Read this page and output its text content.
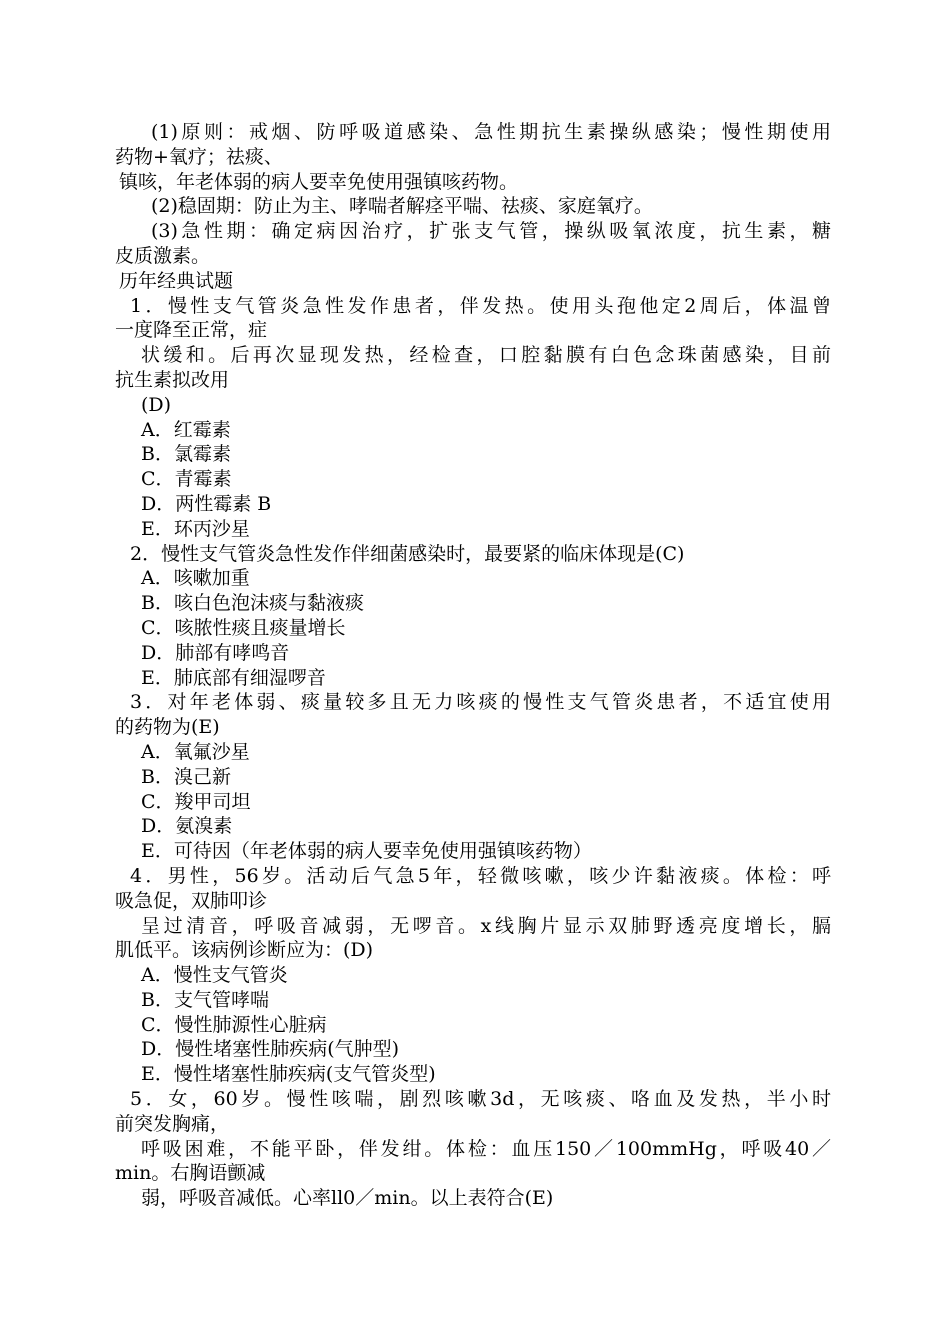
(1)原则：戒烟、防呼吸道感染、急性期抗生素操纵感染；慢性期使用
药物+氧疗；祛痰、
镇咳，年老体弱的病人要幸免使用强镇咳药物。
(2)稳固期：防止为主、哮喘者解痉平喘、祛痰、家庭氧疗。
(3)急性期：确定病因治疗，扩张支气管，操纵吸氧浓度，抗生素，糖
皮质激素。
历年经典试题
1．慢性支气管炎急性发作患者，伴发热。使用头孢他定2周后，体温曾
一度降至正常，症
状缓和。后再次显现发热，经检查，口腔黏膜有白色念珠菌感染，目前
抗生素拟改用
(D)
A．红霉素
B．氯霉素
C．青霉素
D．两性霉素 B
E．环丙沙星
2．慢性支气管炎急性发作伴细菌感染时，最要紧的临床体现是(C)
A．咳嗽加重
B．咳白色泡沫痰与黏液痰
C．咳脓性痰且痰量增长
D．肺部有哮鸣音
E．肺底部有细湿啰音
3．对年老体弱、痰量较多且无力咳痰的慢性支气管炎患者，不适宜使用
的药物为(E)
A．氧氟沙星
B．溴己新
C．羧甲司坦
D．氨溴素
E．可待因（年老体弱的病人要幸免使用强镇咳药物）
4．男性，56岁。活动后气急5年，轻微咳嗽，咳少许黏液痰。体检：呼
吸急促，双肺叩诊
呈过清音，呼吸音减弱，无啰音。x线胸片显示双肺野透亮度增长，膈
肌低平。该病例诊断应为：(D)
A．慢性支气管炎
B．支气管哮喘
C．慢性肺源性心脏病
D．慢性堵塞性肺疾病(气肿型)
E．慢性堵塞性肺疾病(支气管炎型)
5．女，60岁。慢性咳喘，剧烈咳嗽3d，无咳痰、咯血及发热，半小时
前突发胸痛，
呼吸困难，不能平卧，伴发绀。体检：血压150／100mmHg，呼吸40／
min。右胸语颤减
弱，呼吸音减低。心率ll0／min。以上表符合(E)
